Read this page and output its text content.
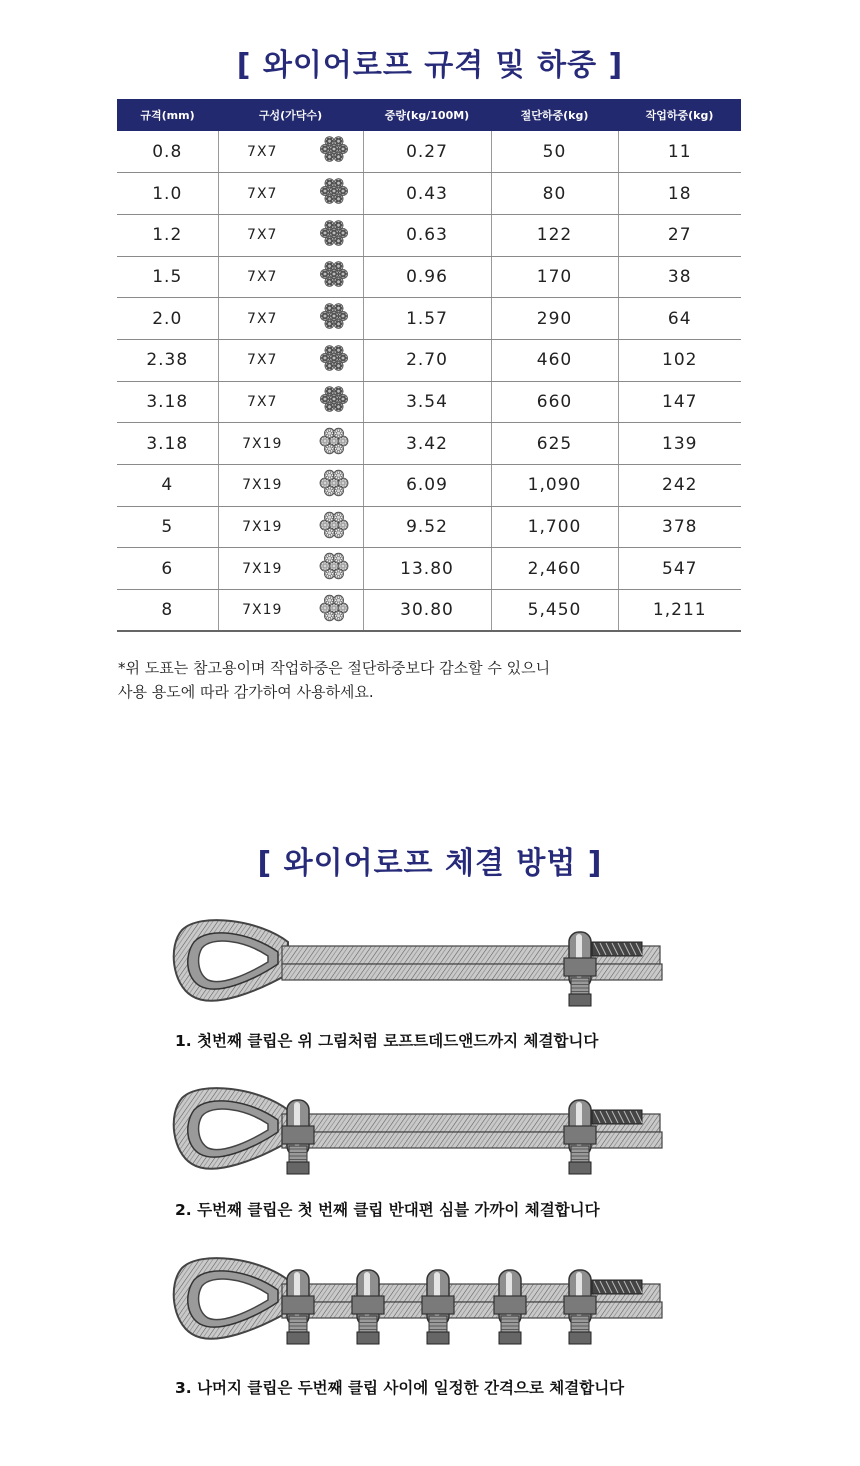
[ 와이어로프 규격 및 하중 ]
규격(mm)	구성(가닥수)		중량(kg/100M)	절단하중(kg)	작업하중(kg)
0.8	7X7		0.27	50	11
1.0	7X7		0.43	80	18
1.2	7X7		0.63	122	27
1.5	7X7		0.96	170	38
2.0	7X7		1.57	290	64
2.38	7X7		2.70	460	102
3.18	7X7		3.54	660	147
3.18	7X19		3.42	625	139
4	7X19		6.09	1,090	242
5	7X19		9.52	1,700	378
6	7X19		13.80	2,460	547
8	7X19		30.80	5,450	1,211
*위 도표는 참고용이며 작업하중은 절단하중보다 감소할 수 있으니
사용 용도에 따라 감가하여 사용하세요.
[ 와이어로프 체결 방법 ]
1. 첫번째 클립은 위 그림처럼 로프트데드앤드까지 체결합니다
2. 두번째 클립은 첫 번째 클립 반대편 심블 가까이 체결합니다
3. 나머지 클립은 두번째 클립 사이에 일정한 간격으로 체결합니다
